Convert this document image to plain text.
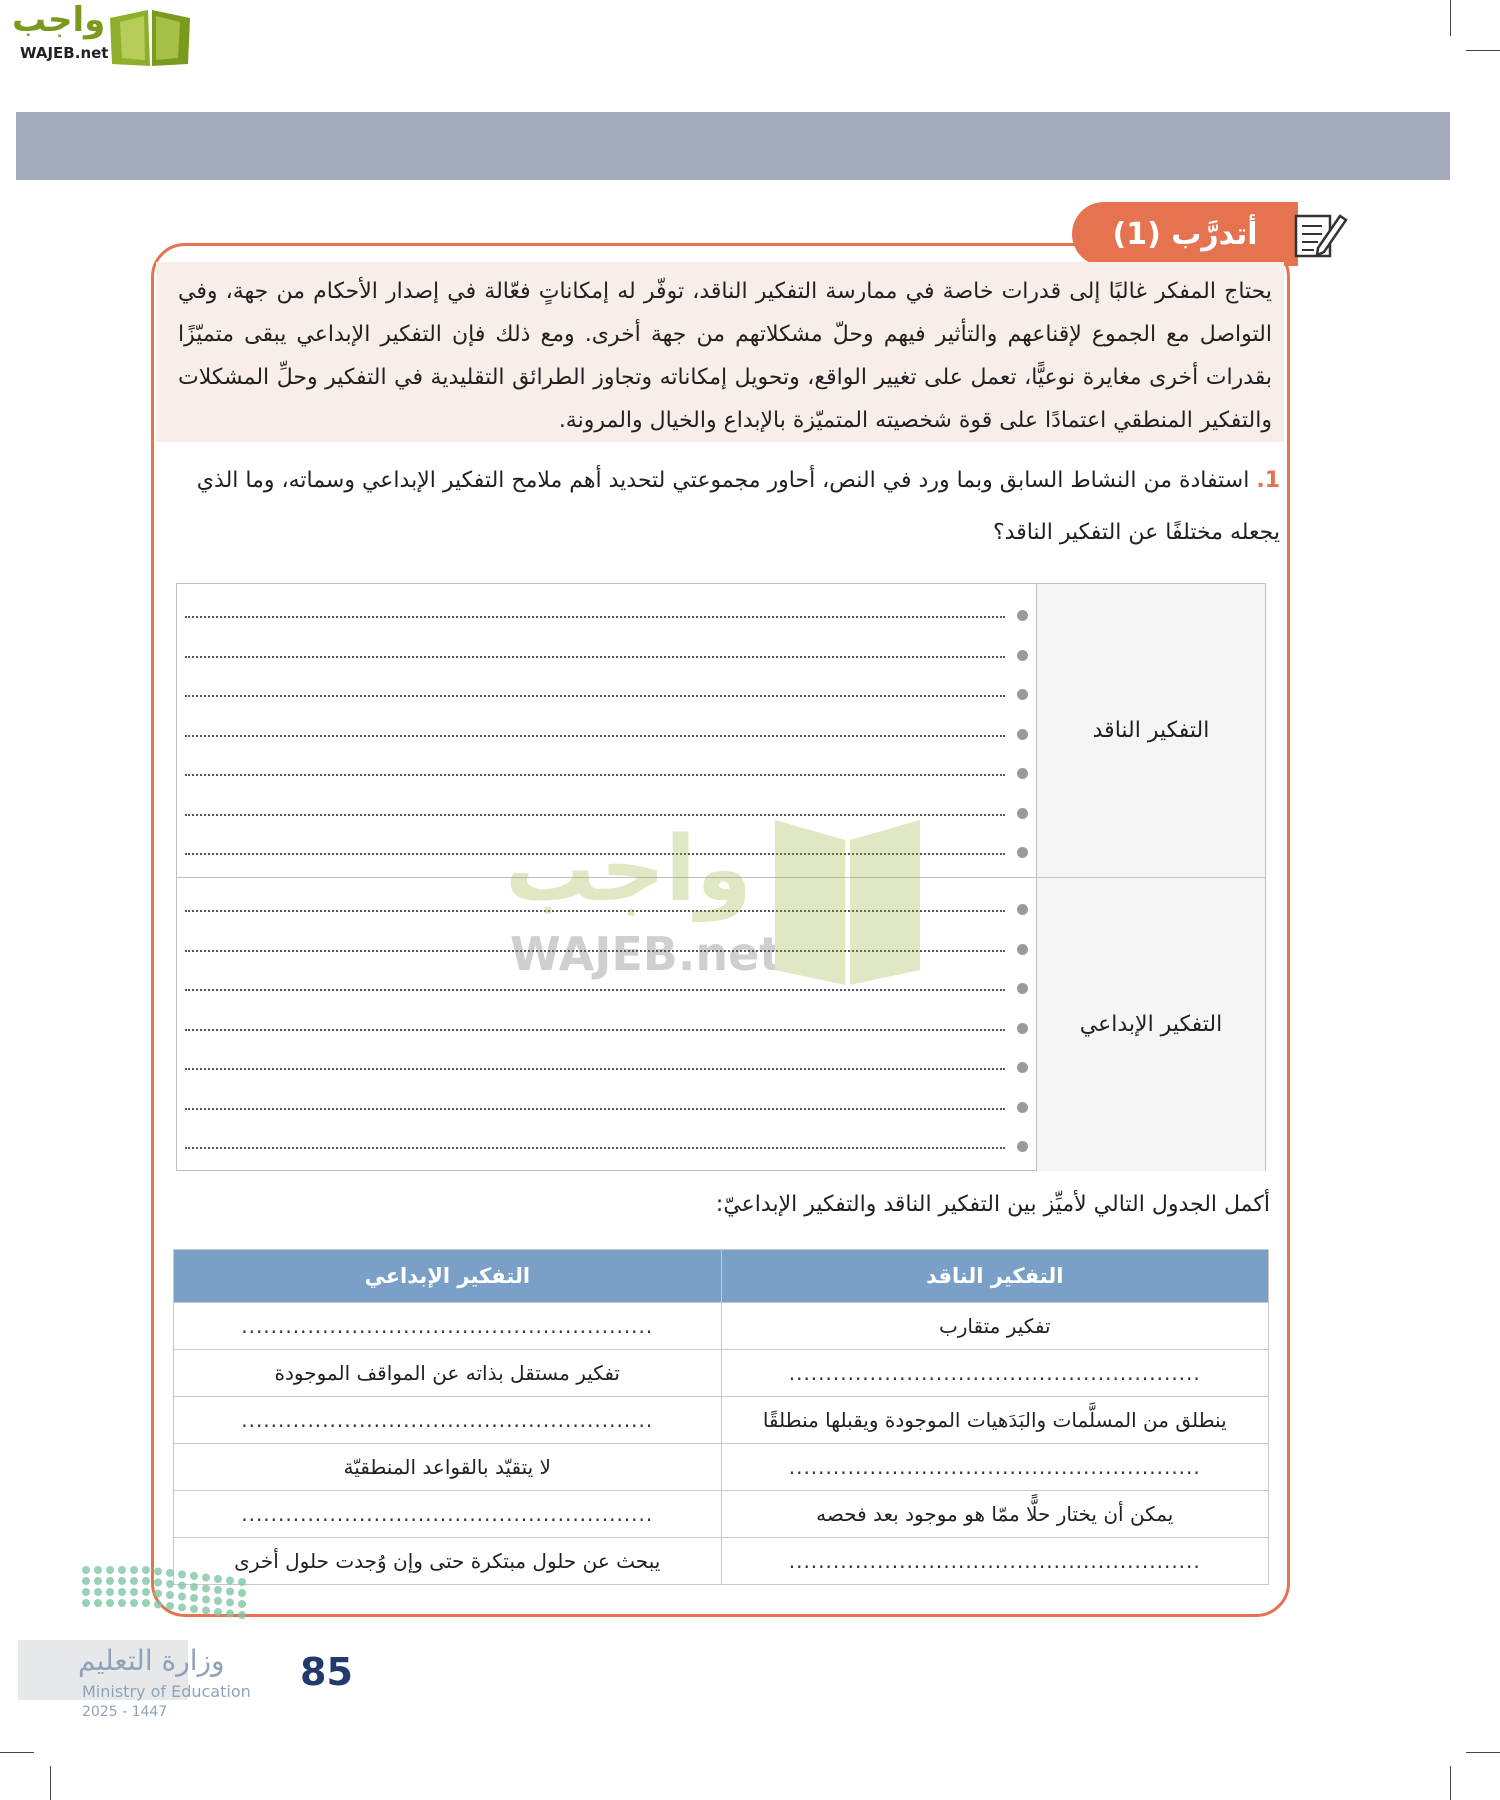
واجب
WAJEB.net
أتدرَّب (1)
يحتاج المفكر غالبًا إلى قدرات خاصة في ممارسة التفكير الناقد، توفّر له إمكاناتٍ فعّالة في إصدار الأحكام من جهة، وفي التواصل مع الجموع لإقناعهم والتأثير فيهم وحلّ مشكلاتهم من جهة أخرى. ومع ذلك فإن التفكير الإبداعي يبقى متميّزًا بقدرات أخرى مغايرة نوعيًّا، تعمل على تغيير الواقع، وتحويل إمكاناته وتجاوز الطرائق التقليدية في التفكير وحلِّ المشكلات والتفكير المنطقي اعتمادًا على قوة شخصيته المتميّزة بالإبداع والخيال والمرونة.
1. استفادة من النشاط السابق وبما ورد في النص، أحاور مجموعتي لتحديد أهم ملامح التفكير الإبداعي وسماته، وما الذي يجعله مختلفًا عن التفكير الناقد؟
التفكير الناقد
التفكير الإبداعي
واجب
WAJEB.net
أكمل الجدول التالي لأميِّز بين التفكير الناقد والتفكير الإبداعيّ:
التفكير الناقد	التفكير الإبداعي
تفكير متقارب	........................................................
........................................................	تفكير مستقل بذاته عن المواقف الموجودة
ينطلق من المسلَّمات والبَدَهيات الموجودة ويقبلها منطلقًا	........................................................
........................................................	لا يتقيّد بالقواعد المنطقيّة
يمكن أن يختار حلًّا ممّا هو موجود بعد فحصه	........................................................
........................................................	يبحث عن حلول مبتكرة حتى وإن وُجدت حلول أخرى
وزارة التعليم
Ministry of Education
2025 - 1447
85
